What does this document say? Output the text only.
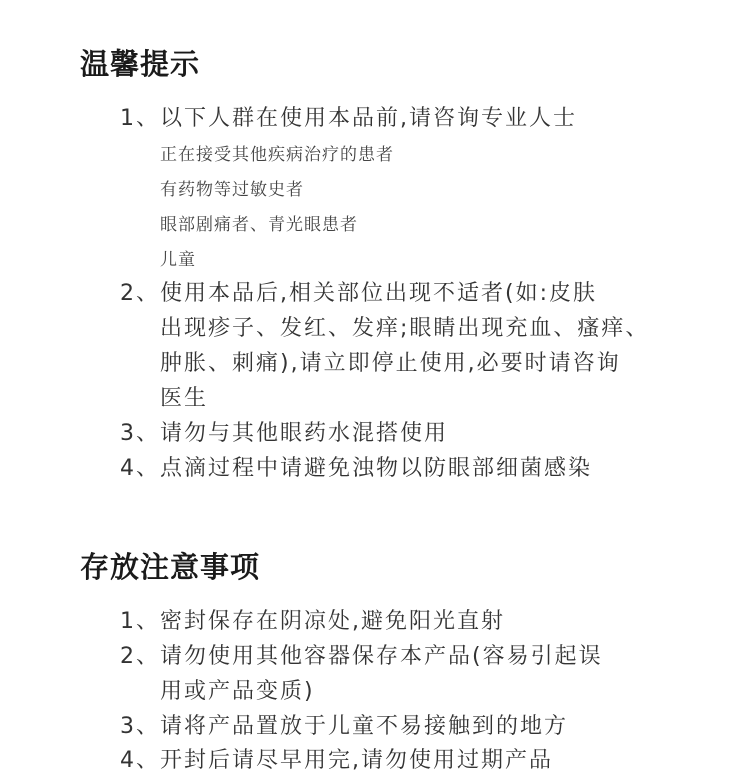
温馨提示
1、以下人群在使用本品前,请咨询专业人士
正在接受其他疾病治疗的患者
有药物等过敏史者
眼部剧痛者、青光眼患者
儿童
2、使用本品后,相关部位出现不适者(如:皮肤
出现疹子、发红、发痒;眼睛出现充血、瘙痒、
肿胀、刺痛),请立即停止使用,必要时请咨询
医生
3、请勿与其他眼药水混搭使用
4、点滴过程中请避免浊物以防眼部细菌感染
存放注意事项
1、密封保存在阴凉处,避免阳光直射
2、请勿使用其他容器保存本产品(容易引起误
用或产品变质)
3、请将产品置放于儿童不易接触到的地方
4、开封后请尽早用完,请勿使用过期产品
